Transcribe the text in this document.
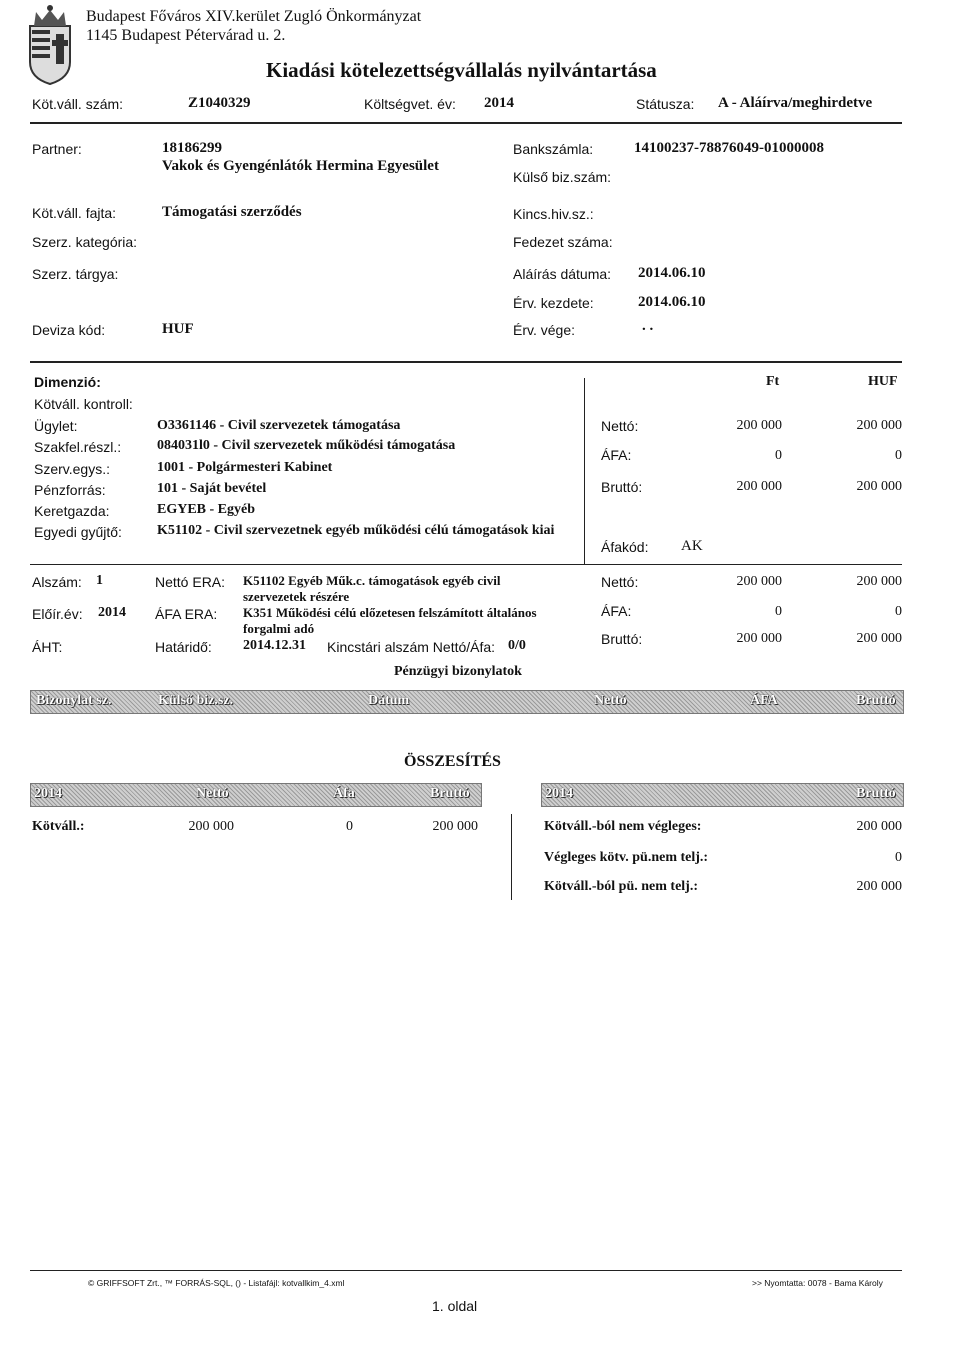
Budapest Főváros XIV.kerület Zugló Önkormányzat
1145 Budapest Pétervárad u. 2.
Kiadási kötelezettségvállalás nyilvántartása
Köt.váll. szám:	Z1040329	Költségvet. év: 2014	Státusza: A - Aláírva/meghirdetve
Partner:	18186299
Vakok és Gyengénlátók Hermina Egyesület
Bankszámla:	14100237-78876049-01000008
Külső biz.szám:
Köt.váll. fajta:	Támogatási szerződés	Kincs.hiv.sz.:
Szerz. kategória:	Fedezet száma:
Szerz. tárgya:	Aláírás dátuma: 2014.06.10
Érv. kezdete:	2014.06.10
Deviza kód:	HUF	Érv. vége:	. .
Dimenzió:	Ft	HUF
Kötváll. kontroll:
Ügylet:	O3361146 - Civil szervezetek támogatása
Szakfel.részl.:	084031l0 - Civil szervezetek működési támogatása
Szerv.egys.:	1001 - Polgármesteri Kabinet
Pénzforrás:	101 - Saját bevétel
Keretgazda:	EGYEB - Egyéb
Egyedi gyűjtő:	K51102 - Civil szervezetnek egyéb működési célú támogatások kiai
Nettó:	200 000	200 000
ÁFA:	0	0
Bruttó:	200 000	200 000
Áfakód: AK
Alszám: 1
Előír.év: 2014
ÁHT:
Nettó ERA: K51102 Egyéb Műk.c. támogatások egyéb civil
szervezetek részére
ÁFA ERA: K351 Működési célú előzetesen felszámított általános
forgalmi adó
Határidő: 2014.12.31 Kincstári alszám Nettó/Áfa: 0/0
Nettó:	200 000	200 000
ÁFA:	0	0
Bruttó:	200 000	200 000
Pénzügyi bizonylatok
Bizonylat sz.	Külső biz.sz.	Dátum	Nettó	ÁFA	Bruttó
ÖSSZESÍTÉS
2014	Nettó	Áfa	Bruttó
Kötváll.:	200 000	0	200 000
2014	Bruttó
Kötváll.-ból nem végleges:	200 000
Végleges kötv. pü.nem telj.:	0
Kötváll.-ból pü. nem telj.:	200 000
© GRIFFSOFT Zrt., ™ FORRÁS-SQL, () - Listafájl: kotvallkim_4.xml	>> Nyomtatta: 0078 - Bama Károly
1. oldal
